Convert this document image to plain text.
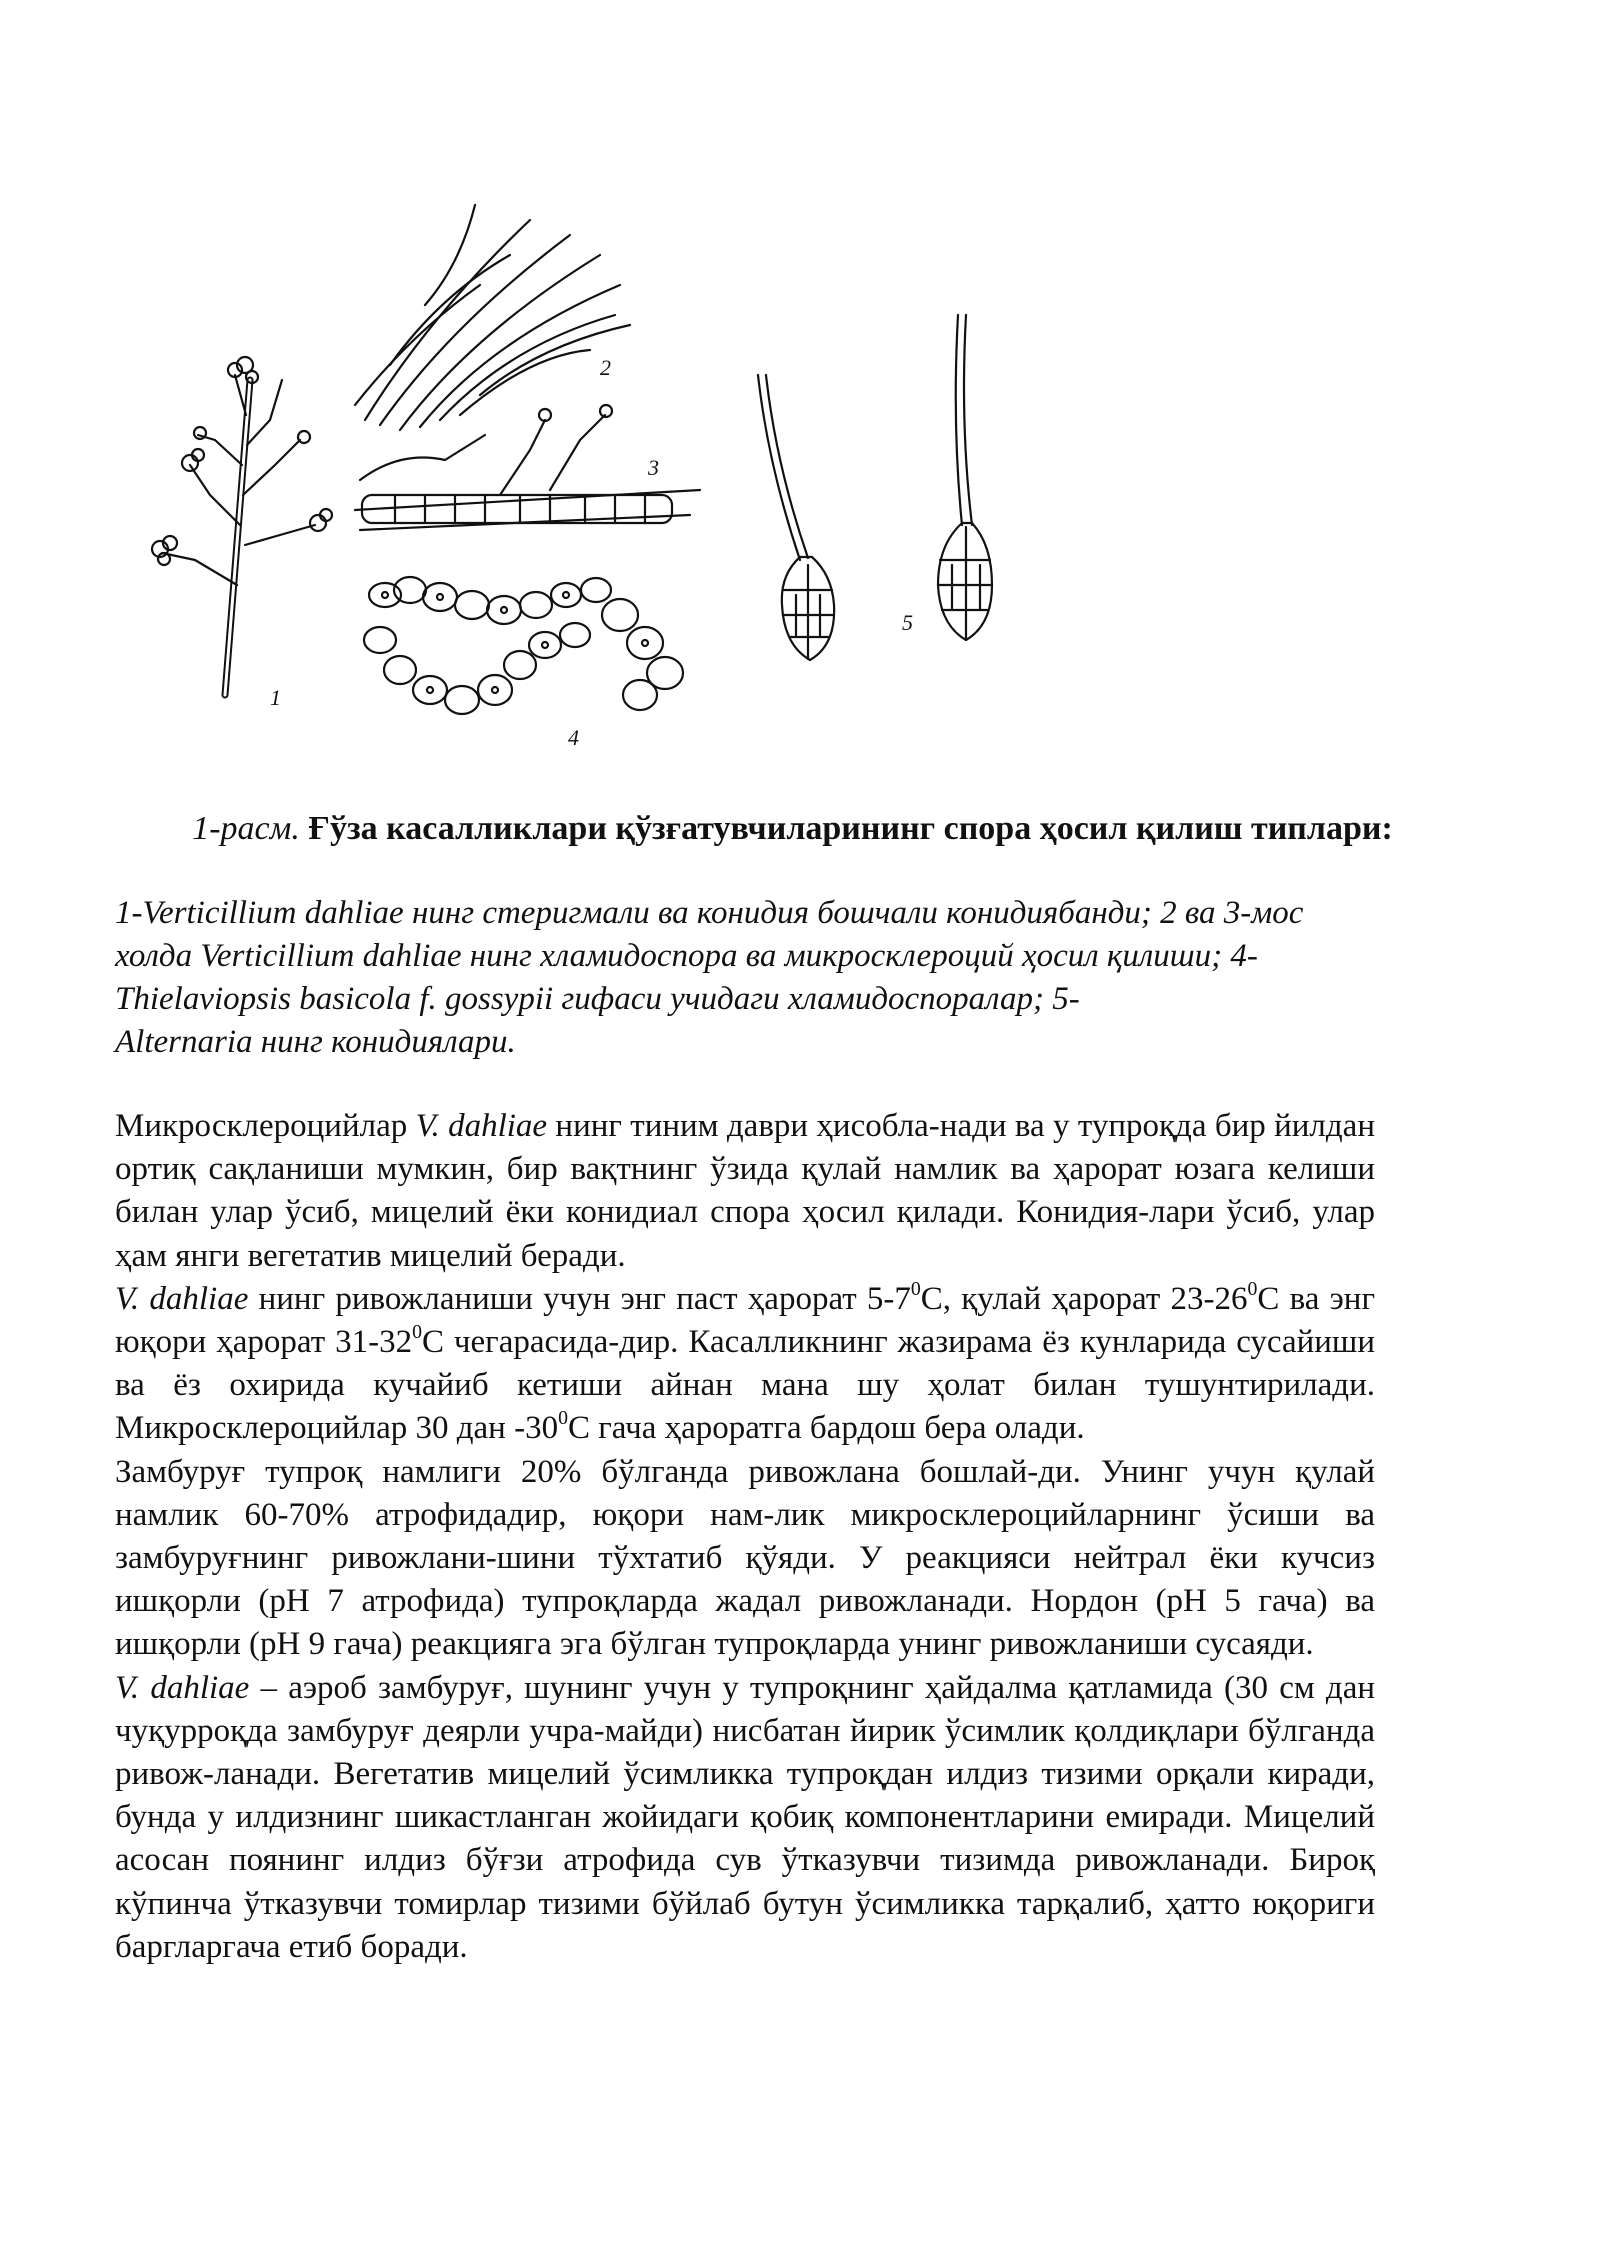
1
2
3
4
5
1-расм. Ғўза касалликлари қўзғатувчиларининг спора ҳосил қилиш типлари:
1-Verticillium dahliae нинг стеригмали ва конидия бошчали конидиябанди; 2 ва 3-мос холда Verticillium dahliae нинг хламидоспора ва микросклероций ҳосил қилиши; 4-Thielaviopsis basicola f. gossypii гифаси учидаги хламидоспоралар; 5-
Alternaria нинг конидиялари.

Микросклероцийлар V. dahliae нинг тиним даври ҳисобла-нади ва у тупроқда бир йилдан ортиқ сақланиши мумкин, бир вақтнинг ўзида қулай намлик ва ҳарорат юзага келиши билан улар ўсиб, мицелий ёки конидиал спора ҳосил қилади. Конидия-лари ўсиб, улар ҳам янги вегетатив мицелий беради.

V. dahliae нинг ривожланиши учун энг паст ҳарорат $5-7^0С$, қулай ҳарорат $23-26^0С$ ва энг юқори ҳарорат $31-32^0С$ чегарасида-дир. Касалликнинг жазирама ёз кунларида сусайиши ва ёз охирида кучайиб кетиши айнан мана шу ҳолат билан тушунтирилади. Микросклероцийлар 30 дан $-30^0С$ гача ҳароратга бардош бера олади.

Замбуруғ тупроқ намлиги 20% бўлганда ривожлана бошлай-ди. Унинг учун қулай намлик 60-70% атрофидадир, юқори нам-лик микросклероцийларнинг ўсиши ва замбуруғнинг ривожлани-шини тўхтатиб қўяди. У реакцияси нейтрал ёки кучсиз ишқорли (рН 7 атрофида) тупроқларда жадал ривожланади. Нордон (рН 5 гача) ва ишқорли (рН 9 гача) реакцияга эга бўлган тупроқларда унинг ривожланиши сусаяди.

V. dahliae – аэроб замбуруғ, шунинг учун у тупроқнинг ҳайдалма қатламида (30 см дан чуқурроқда замбуруғ деярли учра-майди) нисбатан йирик ўсимлик қолдиқлари бўлганда ривож-ланади. Вегетатив мицелий ўсимликка тупроқдан илдиз тизими орқали киради, бунда у илдизнинг шикастланган жойидаги қобиқ компонентларини емиради. Мицелий асосан поянинг илдиз бўғзи атрофида сув ўтказувчи тизимда ривожланади. Бироқ кўпинча ўтказувчи томирлар тизими бўйлаб бутун ўсимликка тарқалиб, ҳатто юқориги баргларгача етиб боради.
